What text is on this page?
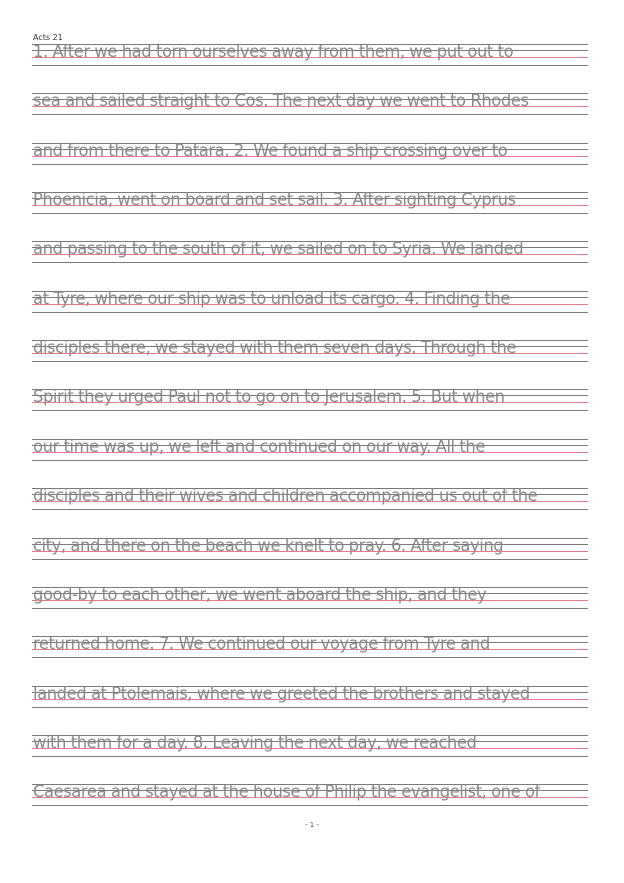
Acts 21
1. After we had torn ourselves away from them, we put out to
sea and sailed straight to Cos. The next day we went to Rhodes
and from there to Patara. 2. We found a ship crossing over to
Phoenicia, went on board and set sail. 3. After sighting Cyprus
and passing to the south of it, we sailed on to Syria. We landed
at Tyre, where our ship was to unload its cargo. 4. Finding the
disciples there, we stayed with them seven days. Through the
Spirit they urged Paul not to go on to Jerusalem. 5. But when
our time was up, we left and continued on our way. All the
disciples and their wives and children accompanied us out of the
city, and there on the beach we knelt to pray. 6. After saying
good-by to each other, we went aboard the ship, and they
returned home. 7. We continued our voyage from Tyre and
landed at Ptolemais, where we greeted the brothers and stayed
with them for a day. 8. Leaving the next day, we reached
Caesarea and stayed at the house of Philip the evangelist, one of
- 1 -
